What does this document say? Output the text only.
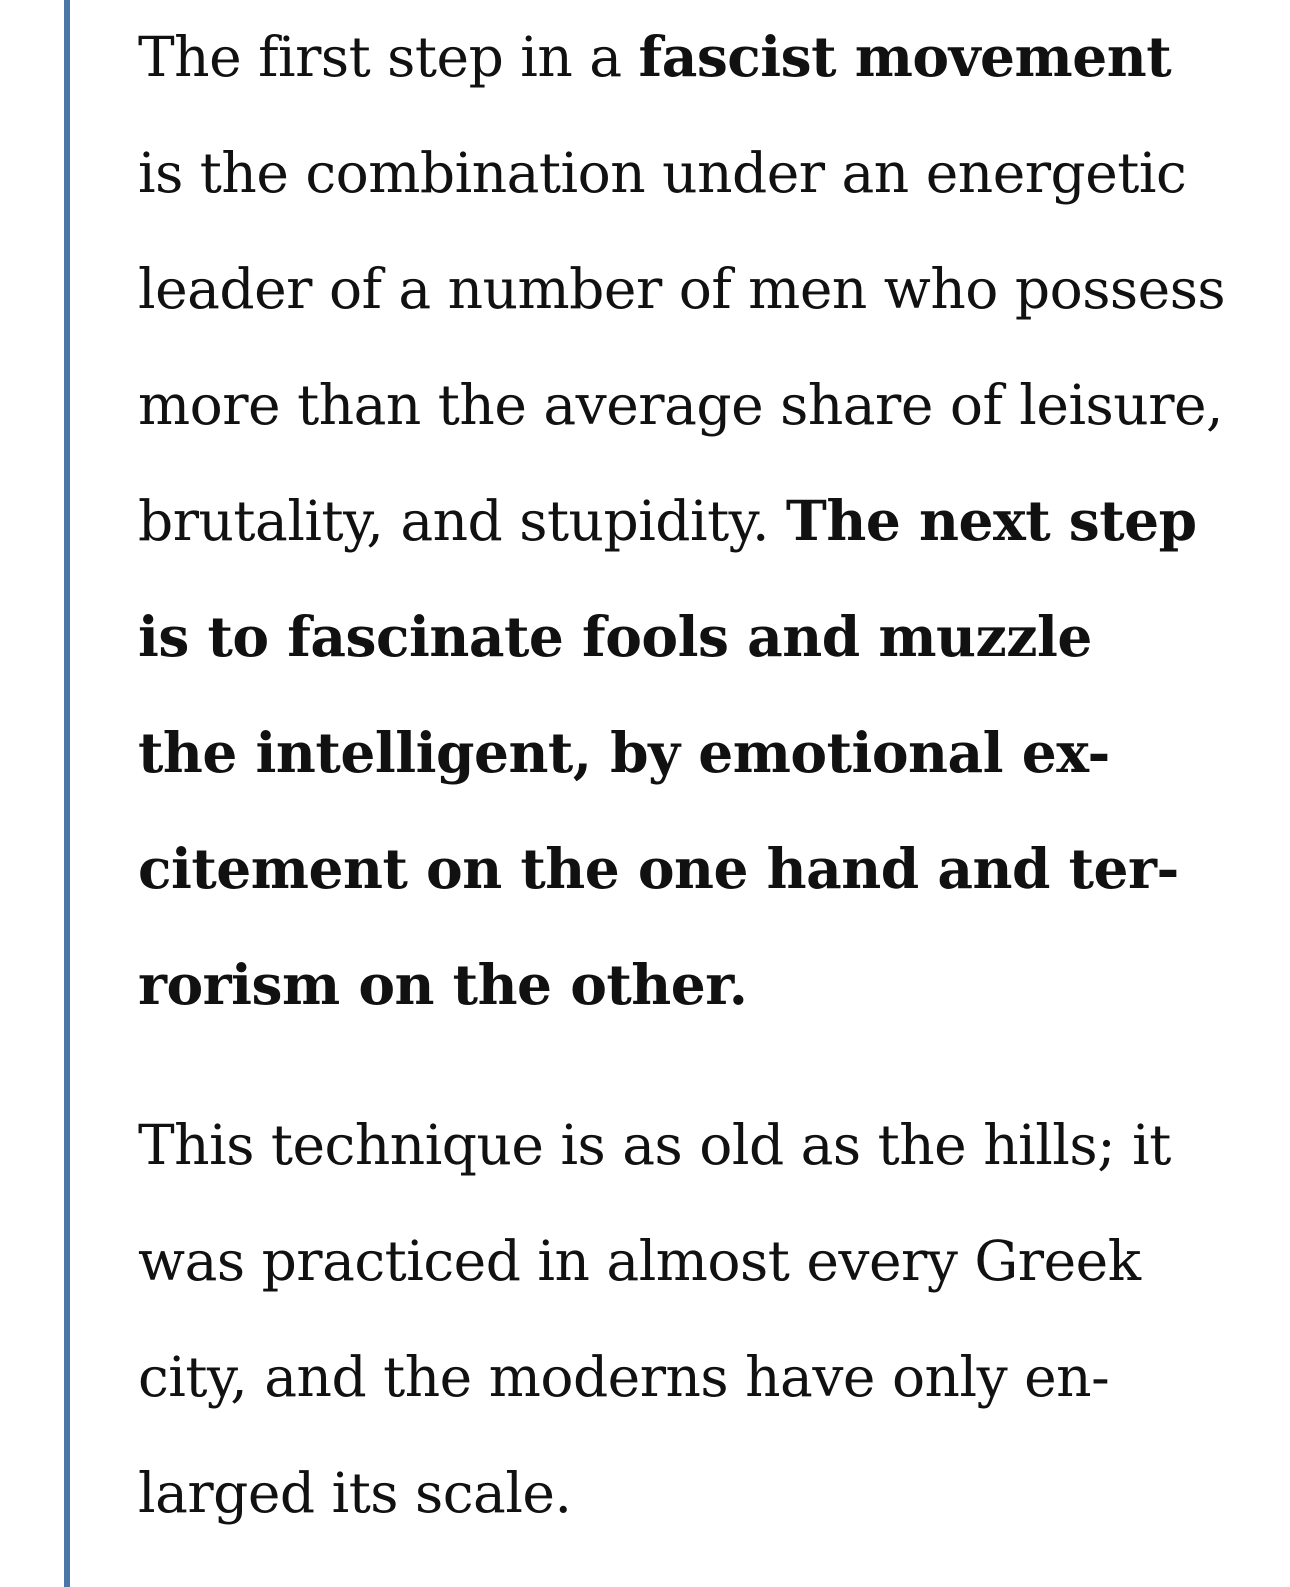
The first step in a fascist movement
is the combination under an energetic
leader of a number of men who possess
more than the average share of leisure,
brutality, and stupidity. The next step
is to fascinate fools and muzzle
the intelligent, by emotional ex-
citement on the one hand and ter-
rorism on the other.
This technique is as old as the hills; it
was practiced in almost every Greek
city, and the moderns have only en-
larged its scale.
